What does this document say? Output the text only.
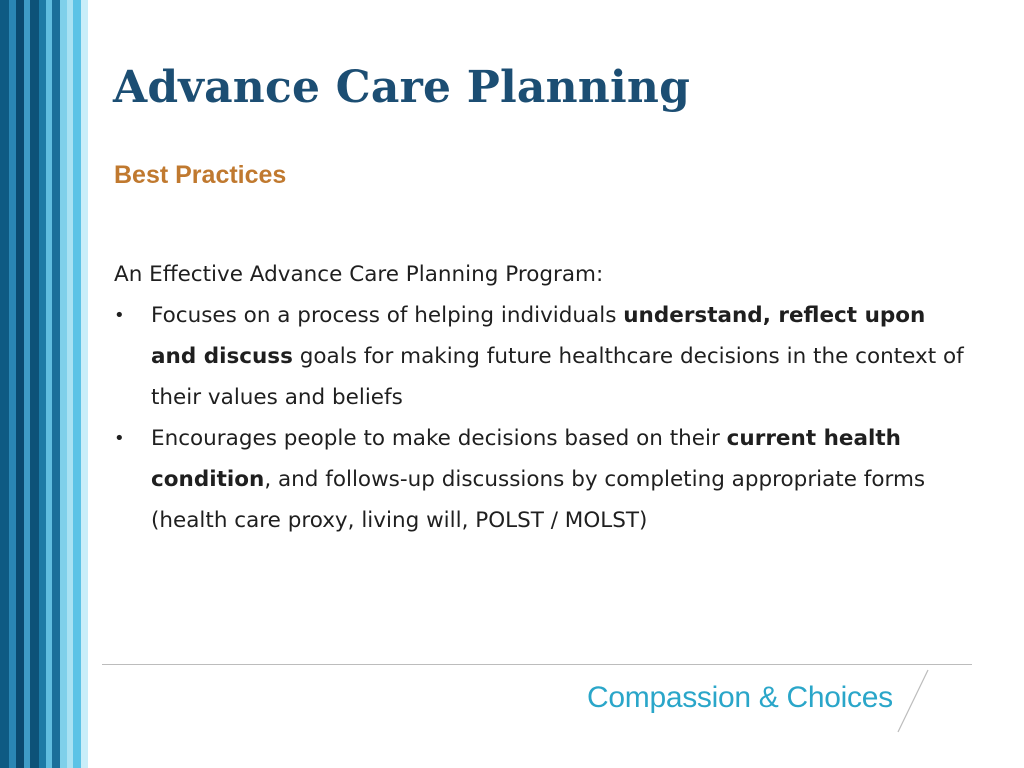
Advance Care Planning
Best Practices

An Effective Advance Care Planning Program:

• Focuses on a process of helping individuals understand, reflect upon and discuss goals for making future healthcare decisions in the context of their values and beliefs
• Encourages people to make decisions based on their current health condition, and follows-up discussions by completing appropriate forms (health care proxy, living will, POLST / MOLST)
Compassion & Choices
